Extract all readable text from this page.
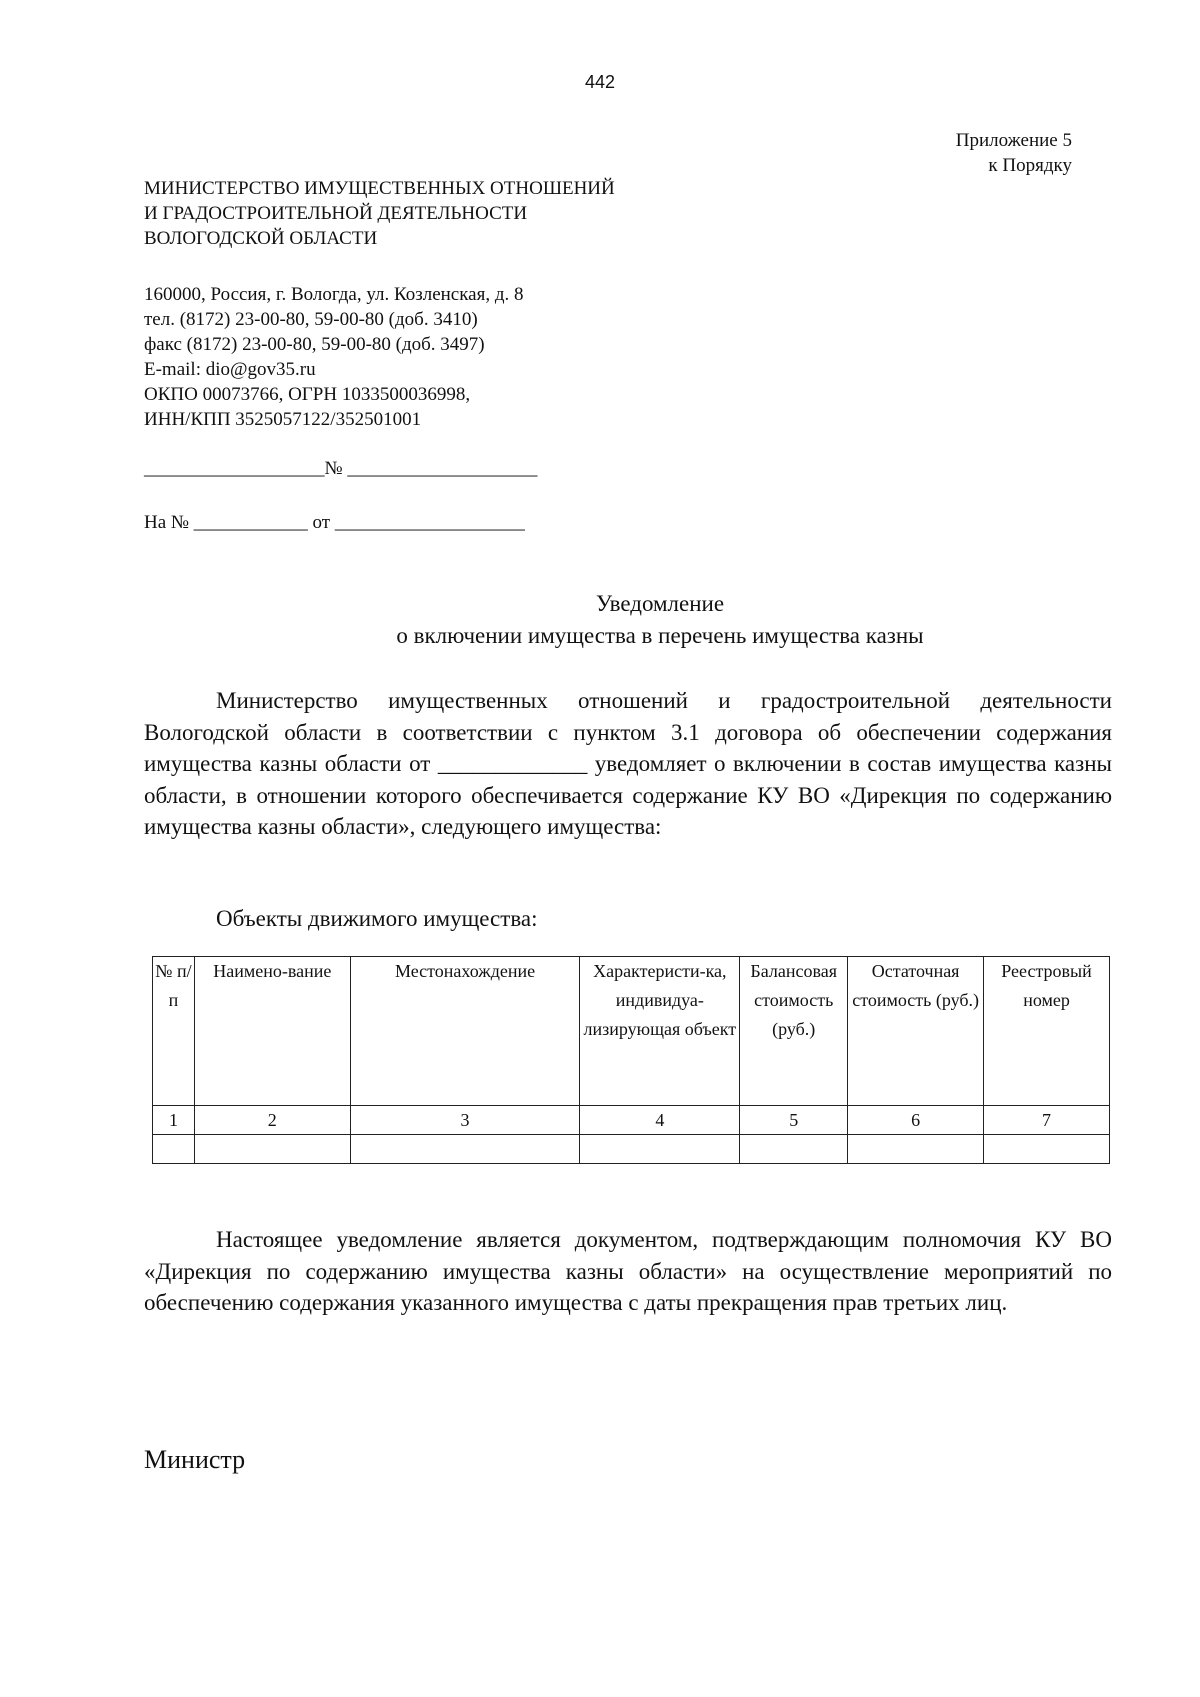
442
Приложение 5
к Порядку
МИНИСТЕРСТВО ИМУЩЕСТВЕННЫХ ОТНОШЕНИЙ
И ГРАДОСТРОИТЕЛЬНОЙ ДЕЯТЕЛЬНОСТИ
ВОЛОГОДСКОЙ ОБЛАСТИ
160000, Россия, г. Вологда, ул. Козленская, д. 8
тел. (8172) 23-00-80, 59-00-80 (доб. 3410)
факс (8172) 23-00-80, 59-00-80 (доб. 3497)
E-mail: dio@gov35.ru
ОКПО 00073766, ОГРН 1033500036998,
ИНН/КПП 3525057122/352501001
___________________№ ____________________
На № ____________ от ____________________
Уведомление
о включении имущества в перечень имущества казны
Министерство имущественных отношений и градостроительной деятельности Вологодской области в соответствии с пунктом 3.1 договора об обеспечении содержания имущества казны области от _____________ уведомляет о включении в состав имущества казны области, в отношении которого обеспечивается содержание КУ ВО «Дирекция по содержанию имущества казны области», следующего имущества:
Объекты движимого имущества:
№ п/п	Наимено-вание	Местонахождение	Характеристи-ка, индивидуа-лизирующая объект	Балансовая стоимость (руб.)	Остаточная стоимость (руб.)	Реестровый номер
1	2	3	4	5	6	7

Настоящее уведомление является документом, подтверждающим полномочия КУ ВО «Дирекция по содержанию имущества казны области» на осуществление мероприятий по обеспечению содержания указанного имущества с даты прекращения прав третьих лиц.
Министр
